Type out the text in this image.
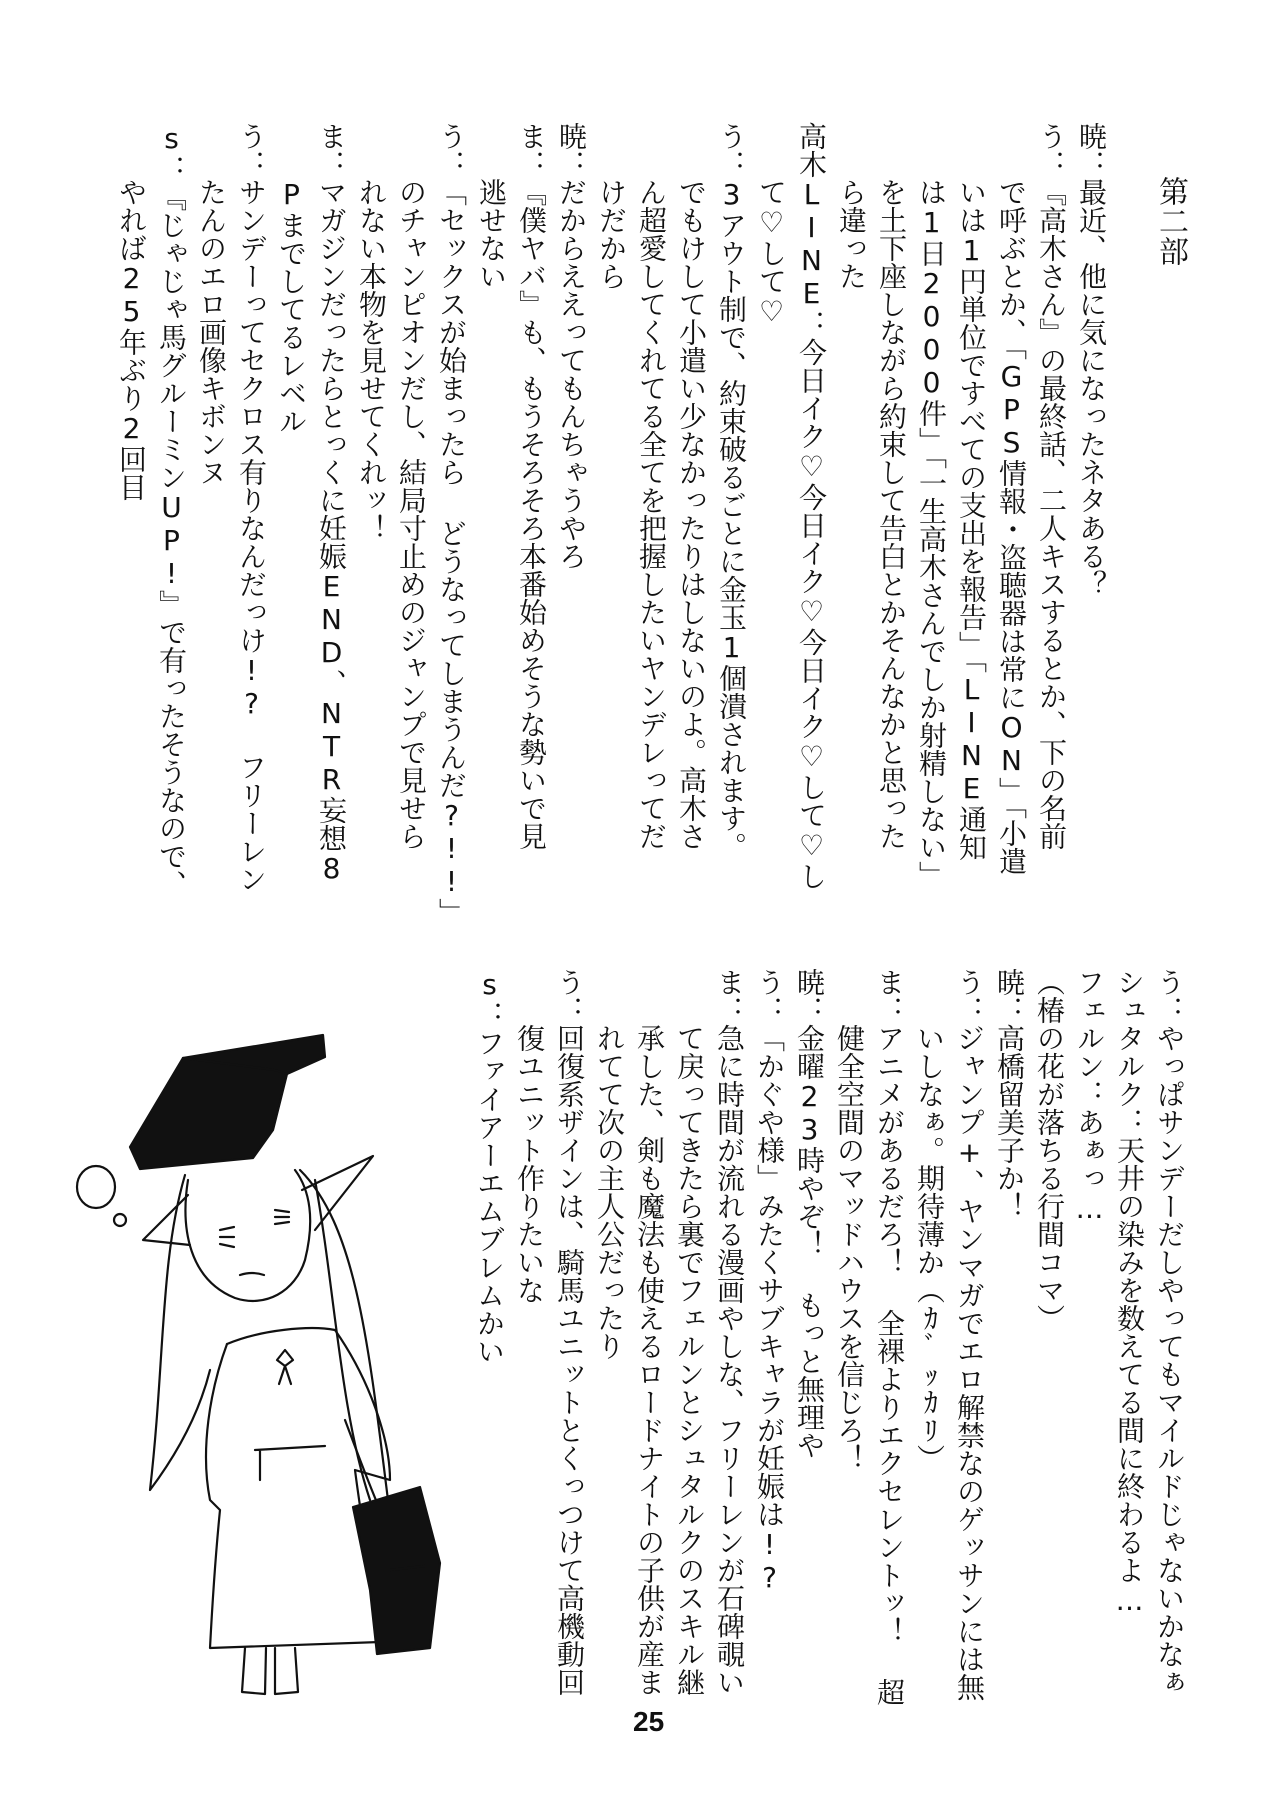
第二部
暁：最近、他に気になったネタある？
う：『高木さん』の最終話、二人キスするとか、下の名前
で呼ぶとか、「GPS情報・盗聴器は常にON」「小遣
いは1円単位ですべての支出を報告」「LINE通知
は1日2000件」「一生高木さんでしか射精しない」
を土下座しながら約束して告白とかそんなかと思った
ら違った
高木LINE：今日イク♡今日イク♡今日イク♡して♡し
て♡して♡
う：3アウト制で、約束破るごとに金玉1個潰されます。
でもけして小遣い少なかったりはしないのよ。高木さ
ん超愛してくれてる全てを把握したいヤンデレってだ
けだから
暁：だからええってもんちゃうやろ
ま：『僕ヤバ』も、もうそろそろ本番始めそうな勢いで見
逃せない
う：「セックスが始まったら どうなってしまうんだ?!!」
のチャンピオンだし、結局寸止めのジャンプで見せら
れない本物を見せてくれッ！
ま：マガジンだったらとっくに妊娠END、NTR妄想8
Pまでしてるレベル
う：サンデーってセクロス有りなんだっけ!? フリーレン
たんのエロ画像キボンヌ
s：『じゃじゃ馬グルーミンUP!』で有ったそうなので、
やれば25年ぶり2回目
う：やっぱサンデーだしやってもマイルドじゃないかなぁ
シュタルク：天井の染みを数えてる間に終わるよ…
フェルン：あぁっ…
（椿の花が落ちる行間コマ）
暁：高橋留美子か！
う：ジャンプ+、ヤンマガでエロ解禁なのゲッサンには無
いしなぁ。期待薄か（ｶﾞｯｶﾘ）
ま：アニメがあるだろ！ 全裸よりエクセレントッ！ 超
健全空間のマッドハウスを信じろ！
暁：金曜23時やぞ！ もっと無理や
う：「かぐや様」みたくサブキャラが妊娠は!?
ま：急に時間が流れる漫画やしな、フリーレンが石碑覗い
て戻ってきたら裏でフェルンとシュタルクのスキル継
承した、剣も魔法も使えるロードナイトの子供が産ま
れてて次の主人公だったり
う：回復系ザインは、騎馬ユニットとくっつけて高機動回
復ユニット作りたいな
s：ファイアーエムブレムかい
25
